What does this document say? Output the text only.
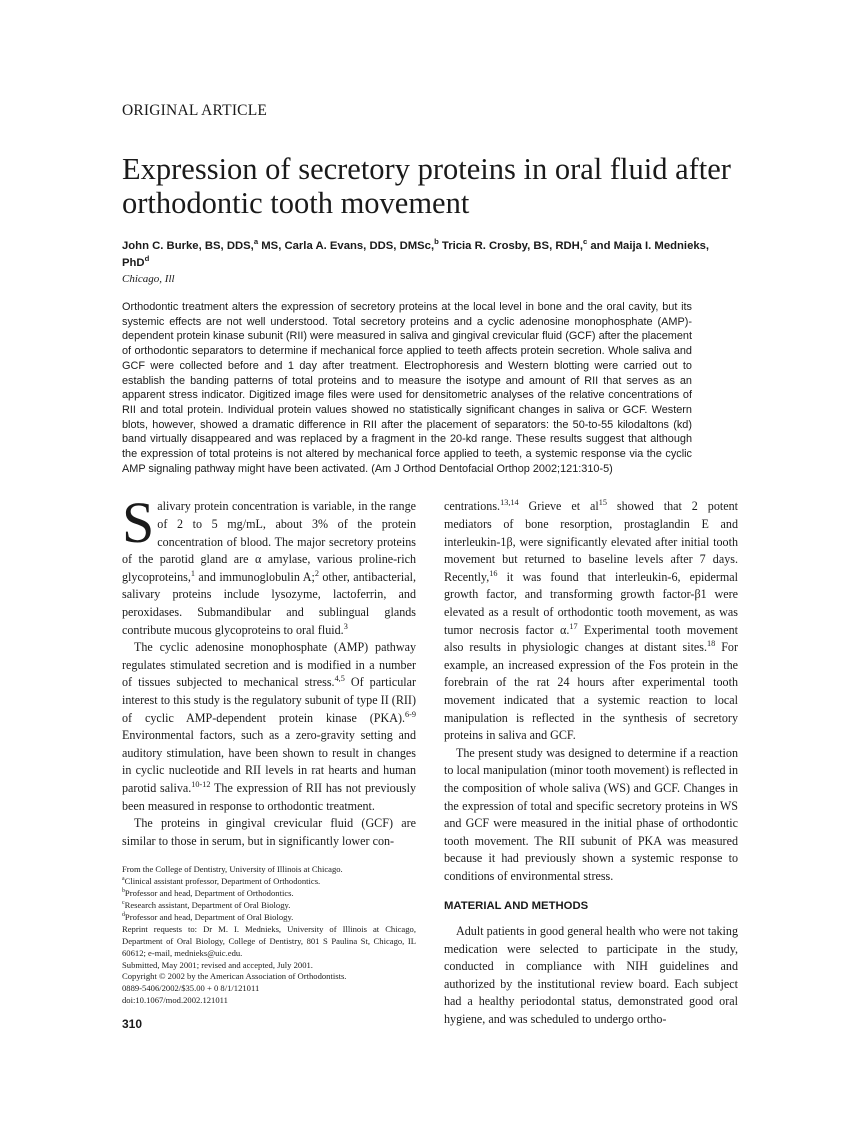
ORIGINAL ARTICLE
Expression of secretory proteins in oral fluid after orthodontic tooth movement
John C. Burke, BS, DDS,$^a$ MS, Carla A. Evans, DDS, DMSc,$^b$ Tricia R. Crosby, BS, RDH,$^c$ and Maija I. Mednieks, PhD$^d$
Chicago, Ill
Orthodontic treatment alters the expression of secretory proteins at the local level in bone and the oral cavity, but its systemic effects are not well understood. Total secretory proteins and a cyclic adenosine monophosphate (AMP)-dependent protein kinase subunit (RII) were measured in saliva and gingival crevicular fluid (GCF) after the placement of orthodontic separators to determine if mechanical force applied to teeth affects protein secretion. Whole saliva and GCF were collected before and 1 day after treatment. Electrophoresis and Western blotting were carried out to establish the banding patterns of total proteins and to measure the isotype and amount of RII that serves as an apparent stress indicator. Digitized image files were used for densitometric analyses of the relative concentrations of RII and total protein. Individual protein values showed no statistically significant changes in saliva or GCF. Western blots, however, showed a dramatic difference in RII after the placement of separators: the 50-to-55 kilodaltons (kd) band virtually disappeared and was replaced by a fragment in the 20-kd range. These results suggest that although the expression of total proteins is not altered by mechanical force applied to teeth, a systemic response via the cyclic AMP signaling pathway might have been activated. (Am J Orthod Dentofacial Orthop 2002;121:310-5)
S alivary protein concentration is variable, in the range of 2 to 5 mg/mL, about 3% of the protein concentration of blood. The major secretory proteins of the parotid gland are α amylase, various proline-rich glycoproteins,$^1$ and immunoglobulin A;$^2$ other, antibacterial, salivary proteins include lysozyme, lactoferrin, and peroxidases. Submandibular and sublingual glands contribute mucous glycoproteins to oral fluid.$^3$

The cyclic adenosine monophosphate (AMP) pathway regulates stimulated secretion and is modified in a number of tissues subjected to mechanical stress.$^{4,5}$ Of particular interest to this study is the regulatory subunit of type II (RII) of cyclic AMP-dependent protein kinase (PKA).$^{6-9}$ Environmental factors, such as a zero-gravity setting and auditory stimulation, have been shown to result in changes in cyclic nucleotide and RII levels in rat hearts and human parotid saliva.$^{10-12}$ The expression of RII has not previously been measured in response to orthodontic treatment.

The proteins in gingival crevicular fluid (GCF) are similar to those in serum, but in significantly lower con-

From the College of Dentistry, University of Illinois at Chicago.
$^a$Clinical assistant professor, Department of Orthodontics.
$^b$Professor and head, Department of Orthodontics.
$^c$Research assistant, Department of Oral Biology.
$^d$Professor and head, Department of Oral Biology.
Reprint requests to: Dr M. I. Mednieks, University of Illinois at Chicago, Department of Oral Biology, College of Dentistry, 801 S Paulina St, Chicago, IL 60612; e-mail, mednieks@uic.edu.
Submitted, May 2001; revised and accepted, July 2001.
Copyright © 2002 by the American Association of Orthodontists.
0889-5406/2002/$35.00 + 0 8/1/121011
doi:10.1067/mod.2002.121011
310

centrations.$^{13,14}$ Grieve et $al^{15}$ showed that 2 potent mediators of bone resorption, prostaglandin E and interleukin-1β, were significantly elevated after initial tooth movement but returned to baseline levels after 7 days. Recently,$^{16}$ it was found that interleukin-6, epidermal growth factor, and transforming growth factor-β1 were elevated as a result of orthodontic tooth movement, as was tumor necrosis factor α.$^{17}$ Experimental tooth movement also results in physiologic changes at distant sites.$^{18}$ For example, an increased expression of the Fos protein in the forebrain of the rat 24 hours after experimental tooth movement indicated that a systemic reaction to local manipulation is reflected in the synthesis of secretory proteins in saliva and GCF.

The present study was designed to determine if a reaction to local manipulation (minor tooth movement) is reflected in the composition of whole saliva (WS) and GCF. Changes in the expression of total and specific secretory proteins in WS and GCF were measured in the initial phase of orthodontic tooth movement. The RII subunit of PKA was measured because it had previously shown a systemic response to conditions of environmental stress.

MATERIAL AND METHODS

Adult patients in good general health who were not taking medication were selected to participate in the study, conducted in compliance with NIH guidelines and authorized by the institutional review board. Each subject had a healthy periodontal status, demonstrated good oral hygiene, and was scheduled to undergo ortho-
